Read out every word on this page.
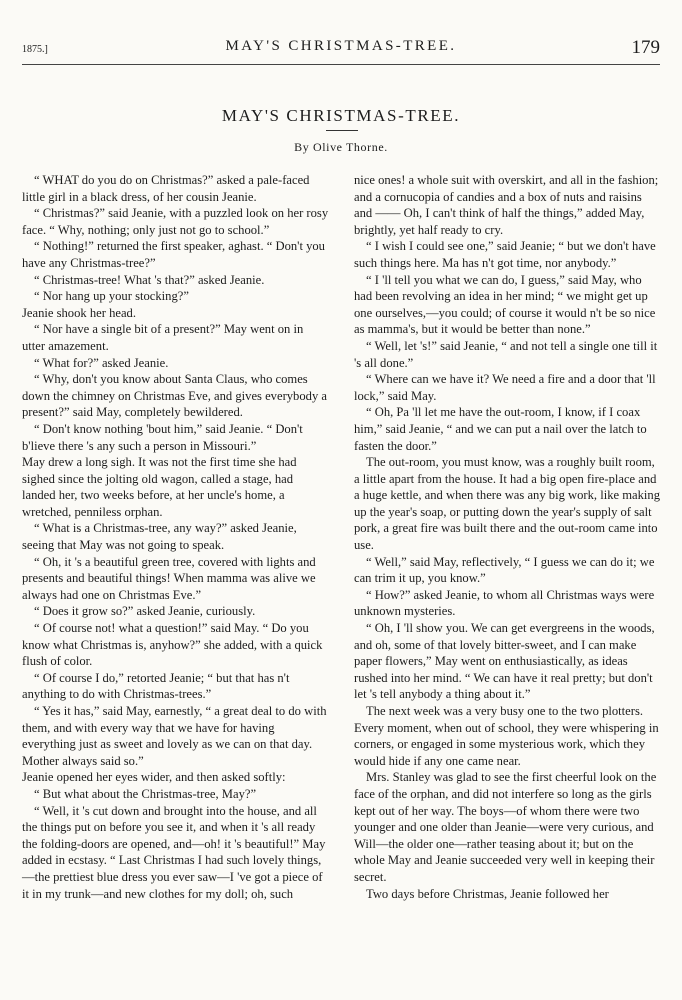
1875.]	MAY'S CHRISTMAS-TREE.	179
MAY'S CHRISTMAS-TREE.
By Olive Thorne.

“ WHAT do you do on Christmas?” asked a pale-faced little girl in a black dress, of her cousin Jeanie.

“ Christmas?” said Jeanie, with a puzzled look on her rosy face. “ Why, nothing; only just not go to school.”

“ Nothing!” returned the first speaker, aghast. “ Don't you have any Christmas-tree?”

“ Christmas-tree! What 's that?” asked Jeanie.

“ Nor hang up your stocking?”

Jeanie shook her head.

“ Nor have a single bit of a present?” May went on in utter amazement.

“ What for?” asked Jeanie.

“ Why, don't you know about Santa Claus, who comes down the chimney on Christmas Eve, and gives everybody a present?” said May, completely bewildered.

“ Don't know nothing 'bout him,” said Jeanie. “ Don't b'lieve there 's any such a person in Missouri.”

May drew a long sigh. It was not the first time she had sighed since the jolting old wagon, called a stage, had landed her, two weeks before, at her uncle's home, a wretched, penniless orphan.

“ What is a Christmas-tree, any way?” asked Jeanie, seeing that May was not going to speak.

“ Oh, it 's a beautiful green tree, covered with lights and presents and beautiful things! When mamma was alive we always had one on Christmas Eve.”

“ Does it grow so?” asked Jeanie, curiously.

“ Of course not! what a question!” said May. “ Do you know what Christmas is, anyhow?” she added, with a quick flush of color.

“ Of course I do,” retorted Jeanie; “ but that has n't anything to do with Christmas-trees.”

“ Yes it has,” said May, earnestly, “ a great deal to do with them, and with every way that we have for having everything just as sweet and lovely as we can on that day. Mother always said so.”

Jeanie opened her eyes wider, and then asked softly:

“ But what about the Christmas-tree, May?”

“ Well, it 's cut down and brought into the house, and all the things put on before you see it, and when it 's all ready the folding-doors are opened, and—oh! it 's beautiful!” May added in ecstasy. “ Last Christmas I had such lovely things,—the prettiest blue dress you ever saw—I 've got a piece of it in my trunk—and new clothes for my doll; oh, such

nice ones! a whole suit with overskirt, and all in the fashion; and a cornucopia of candies and a box of nuts and raisins and —— Oh, I can't think of half the things,” added May, brightly, yet half ready to cry.

“ I wish I could see one,” said Jeanie; “ but we don't have such things here. Ma has n't got time, nor anybody.”

“ I 'll tell you what we can do, I guess,” said May, who had been revolving an idea in her mind; “ we might get up one ourselves,—you could; of course it would n't be so nice as mamma's, but it would be better than none.”

“ Well, let 's!” said Jeanie, “ and not tell a single one till it 's all done.”

“ Where can we have it? We need a fire and a door that 'll lock,” said May.

“ Oh, Pa 'll let me have the out-room, I know, if I coax him,” said Jeanie, “ and we can put a nail over the latch to fasten the door.”

The out-room, you must know, was a roughly built room, a little apart from the house. It had a big open fire-place and a huge kettle, and when there was any big work, like making up the year's soap, or putting down the year's supply of salt pork, a great fire was built there and the out-room came into use.

“ Well,” said May, reflectively, “ I guess we can do it; we can trim it up, you know.”

“ How?” asked Jeanie, to whom all Christmas ways were unknown mysteries.

“ Oh, I 'll show you. We can get evergreens in the woods, and oh, some of that lovely bitter-sweet, and I can make paper flowers,” May went on enthusiastically, as ideas rushed into her mind. “ We can have it real pretty; but don't let 's tell anybody a thing about it.”

The next week was a very busy one to the two plotters. Every moment, when out of school, they were whispering in corners, or engaged in some mysterious work, which they would hide if any one came near.

Mrs. Stanley was glad to see the first cheerful look on the face of the orphan, and did not interfere so long as the girls kept out of her way. The boys—of whom there were two younger and one older than Jeanie—were very curious, and Will—the older one—rather teasing about it; but on the whole May and Jeanie succeeded very well in keeping their secret.

Two days before Christmas, Jeanie followed her
